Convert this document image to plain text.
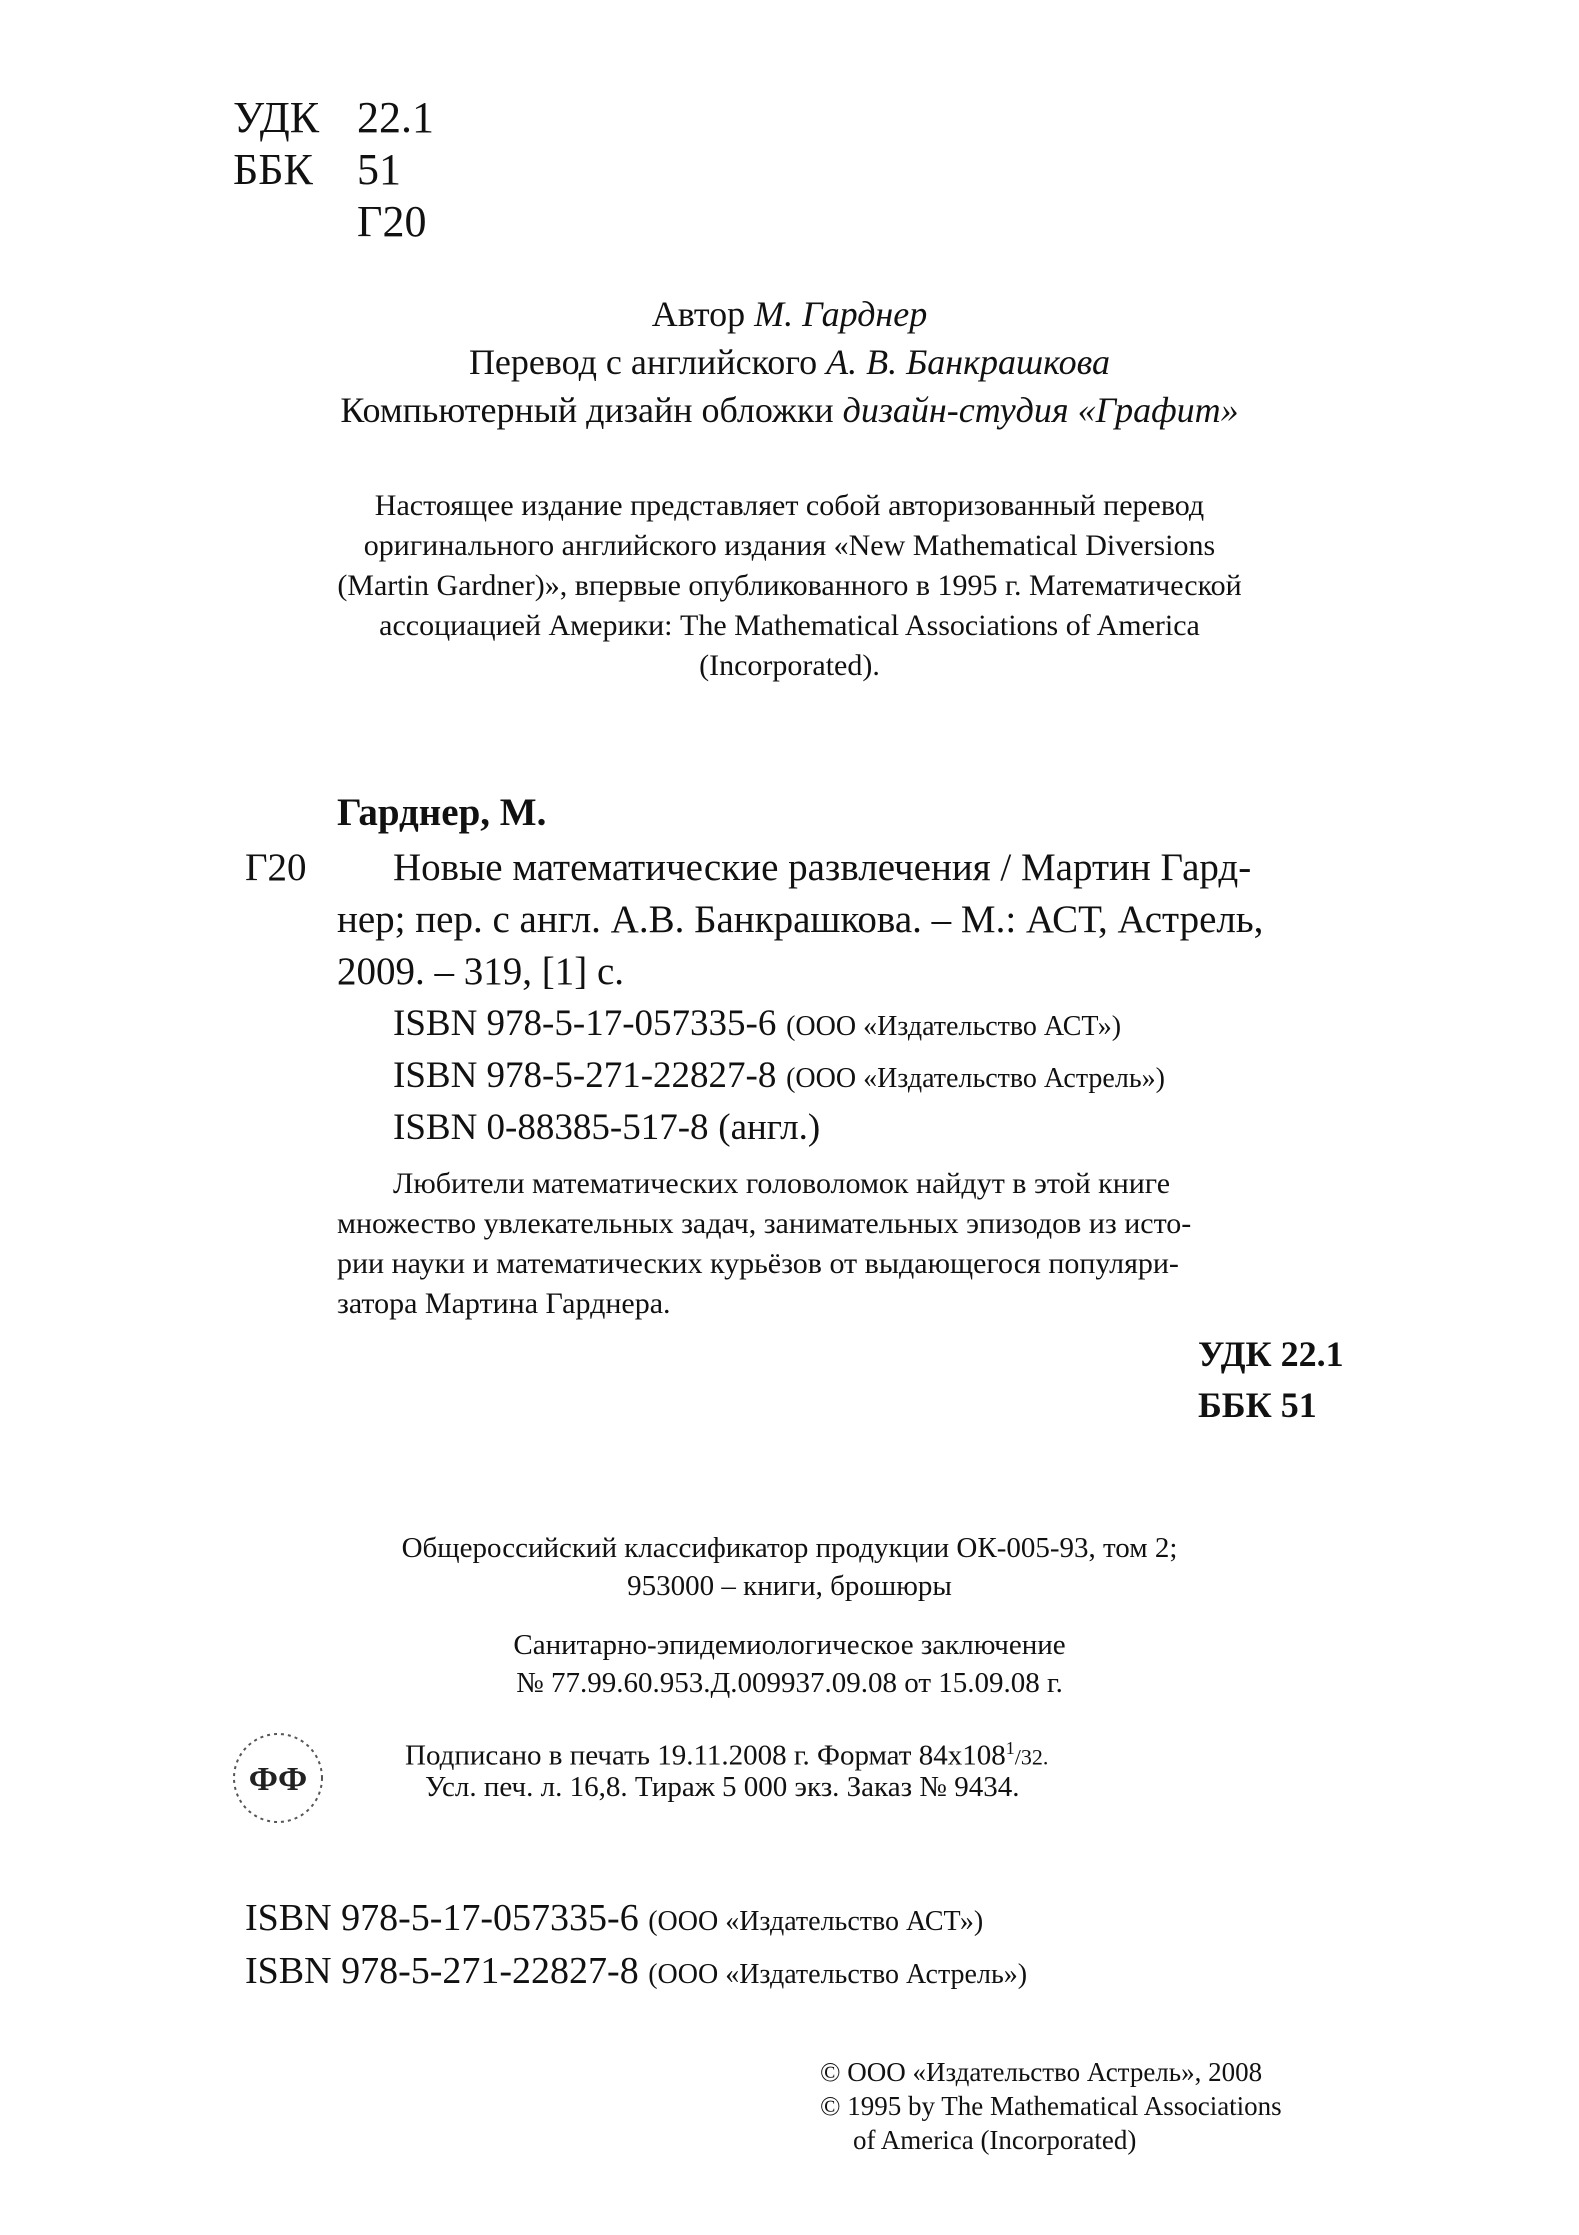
УДК 22.1
ББК 51
Г20
Автор М. Гарднер
Перевод с английского А. В. Банкрашкова
Компьютерный дизайн обложки дизайн-студия «Графит»
Настоящее издание представляет собой авторизованный перевод
оригинального английского издания «New Mathematical Diversions
(Martin Gardner)», впервые опубликованного в 1995 г. Математической
ассоциацией Америки: The Mathematical Associations of America
(Incorporated).
Гарднер, М.
Г20 Новые математические развлечения / Мартин Гард-
нер; пер. с англ. А.В. Банкрашкова. – М.: АСТ, Астрель,
2009. – 319, [1] с.
ISBN 978-5-17-057335-6 (ООО «Издательство АСТ»)
ISBN 978-5-271-22827-8 (ООО «Издательство Астрель»)
ISBN 0-88385-517-8 (англ.)
Любители математических головоломок найдут в этой книге
множество увлекательных задач, занимательных эпизодов из исто-
рии науки и математических курьёзов от выдающегося популяри-
затора Мартина Гарднера.
УДК 22.1
ББК 51
Общероссийский классификатор продукции ОК-005-93, том 2;
953000 – книги, брошюры
Санитарно-эпидемиологическое заключение
№ 77.99.60.953.Д.009937.09.08 от 15.09.08 г.
Подписано в печать 19.11.2008 г. Формат $84x108^1/32$.
Усл. печ. л. 16,8. Тираж 5 000 экз. Заказ № 9434.
ФФ
ISBN 978-5-17-057335-6 (ООО «Издательство АСТ»)
ISBN 978-5-271-22827-8 (ООО «Издательство Астрель»)
© ООО «Издательство Астрель», 2008
© 1995 by The Mathematical Associations
of America (Incorporated)
